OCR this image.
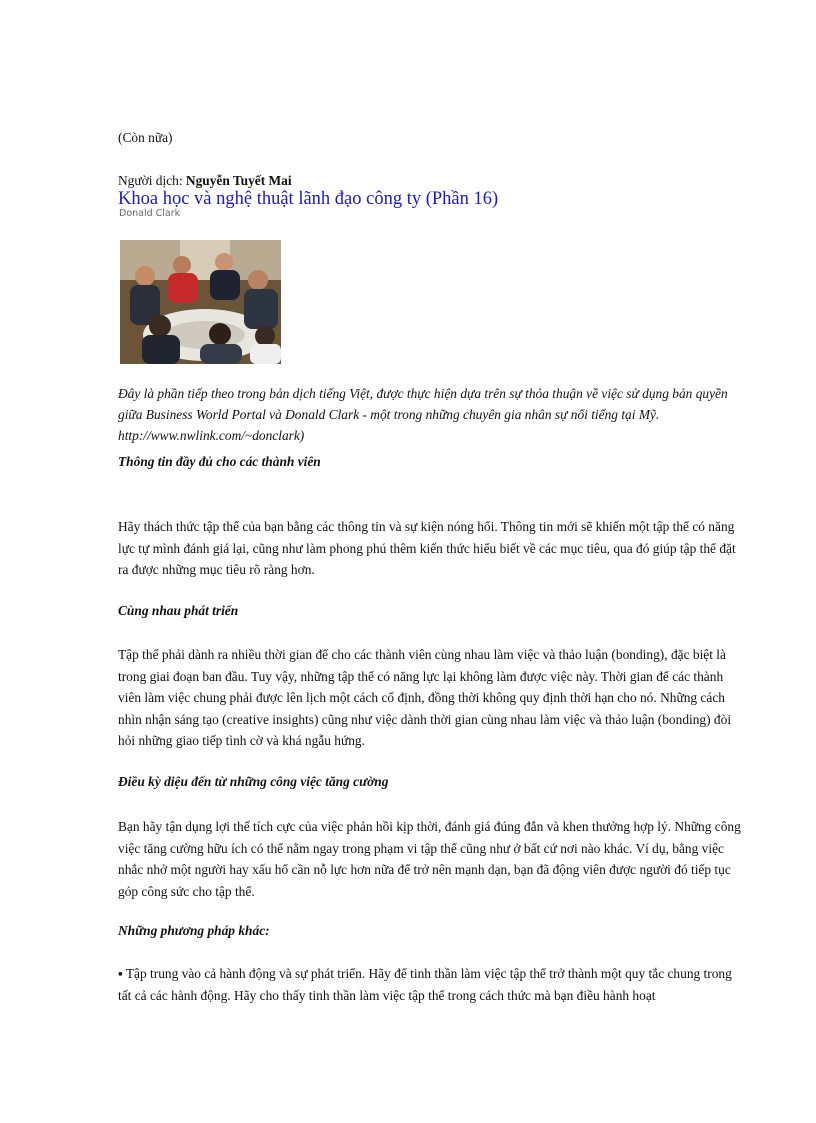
(Còn nữa)

Người dịch: Nguyễn Tuyết Mai

Khoa học và nghệ thuật lãnh đạo công ty (Phần 16)
Donald Clark

Đây là phần tiếp theo trong bản dịch tiếng Việt, được thực hiện dựa trên sự thỏa thuận về việc sử dụng bản quyền giữa Business World Portal và Donald Clark - một trong những chuyên gia nhân sự nổi tiếng tại Mỹ. http://www.nwlink.com/~donclark)

Thông tin đầy đủ cho các thành viên
Hãy thách thức tập thể của bạn bằng các thông tin và sự kiện nóng hổi. Thông tin mới sẽ khiến một tập thể có năng lực tự mình đánh giá lại, cũng như làm phong phú thêm kiến thức hiểu biết về các mục tiêu, qua đó giúp tập thể đặt ra được những mục tiêu rõ ràng hơn.
Cùng nhau phát triển
Tập thể phải dành ra nhiều thời gian để cho các thành viên cùng nhau làm việc và thảo luận (bonding), đặc biệt là trong giai đoạn ban đầu. Tuy vậy, những tập thể có năng lực lại không làm được việc này. Thời gian để các thành viên làm việc chung phải được lên lịch một cách cố định, đồng thời không quy định thời hạn cho nó. Những cách nhìn nhận sáng tạo (creative insights) cũng như việc dành thời gian cùng nhau làm việc và thảo luận (bonding) đòi hỏi những giao tiếp tình cờ và khá ngẫu hứng.
Điều kỳ diệu đến từ những công việc tăng cường
Bạn hãy tận dụng lợi thế tích cực của việc phản hồi kịp thời, đánh giá đúng đắn và khen thưởng hợp lý. Những công việc tăng cường hữu ích có thể nằm ngay trong phạm vi tập thể cũng như ở bất cứ nơi nào khác. Ví dụ, bằng việc nhắc nhở một người hay xấu hổ cần nỗ lực hơn nữa để trở nên mạnh dạn, bạn đã động viên được người đó tiếp tục góp công sức cho tập thể.
Những phương pháp khác:
▪ Tập trung vào cả hành động và sự phát triển. Hãy để tinh thần làm việc tập thể trở thành một quy tắc chung trong tất cả các hành động. Hãy cho thấy tinh thần làm việc tập thể trong cách thức mà bạn điều hành hoạt
